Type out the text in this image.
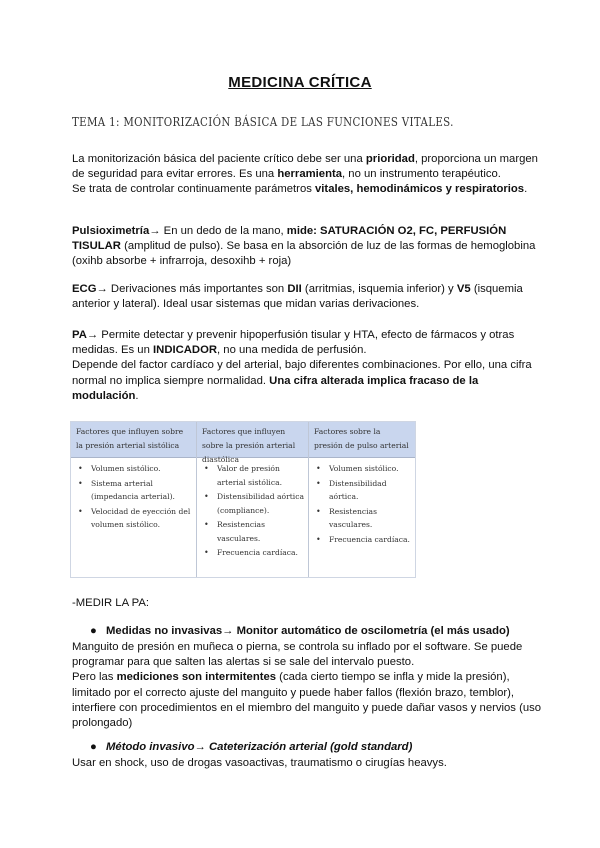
MEDICINA CRÍTICA
TEMA 1: MONITORIZACIÓN BÁSICA DE LAS FUNCIONES VITALES.
La monitorización básica del paciente crítico debe ser una prioridad, proporciona un margen de seguridad para evitar errores. Es una herramienta, no un instrumento terapéutico.
Se trata de controlar continuamente parámetros vitales, hemodinámicos y respiratorios.
Pulsioximetría→ En un dedo de la mano, mide: SATURACIÓN O2, FC, PERFUSIÓN TISULAR (amplitud de pulso). Se basa en la absorción de luz de las formas de hemoglobina (oxihb absorbe + infrarroja, desoxihb + roja)
ECG→ Derivaciones más importantes son DII (arritmias, isquemia inferior) y V5 (isquemia anterior y lateral). Ideal usar sistemas que midan varias derivaciones.
PA→ Permite detectar y prevenir hipoperfusión tisular y HTA, efecto de fármacos y otras medidas. Es un INDICADOR, no una medida de perfusión.
Depende del factor cardíaco y del arterial, bajo diferentes combinaciones. Por ello, una cifra normal no implica siempre normalidad. Una cifra alterada implica fracaso de la modulación.
Factores que influyen sobre la presión arterial sistólica
• Volumen sistólico.
• Sistema arterial (impedancia arterial).
• Velocidad de eyección del volumen sistólico.
Factores que influyen sobre la presión arterial diastólica
• Valor de presión arterial sistólica.
• Distensibilidad aórtica (compliance).
• Resistencias vasculares.
• Frecuencia cardíaca.
Factores sobre la presión de pulso arterial
• Volumen sistólico.
• Distensibilidad aórtica.
• Resistencias vasculares.
• Frecuencia cardíaca.
-MEDIR LA PA:
● Medidas no invasivas→ Monitor automático de oscilometría (el más usado)
Manguito de presión en muñeca o pierna, se controla su inflado por el software. Se puede programar para que salten las alertas si se sale del intervalo puesto.
Pero las mediciones son intermitentes (cada cierto tiempo se infla y mide la presión), limitado por el correcto ajuste del manguito y puede haber fallos (flexión brazo, temblor), interfiere con procedimientos en el miembro del manguito y puede dañar vasos y nervios (uso prolongado)
● Método invasivo→ Cateterización arterial (gold standard)
Usar en shock, uso de drogas vasoactivas, traumatismo o cirugías heavys.
